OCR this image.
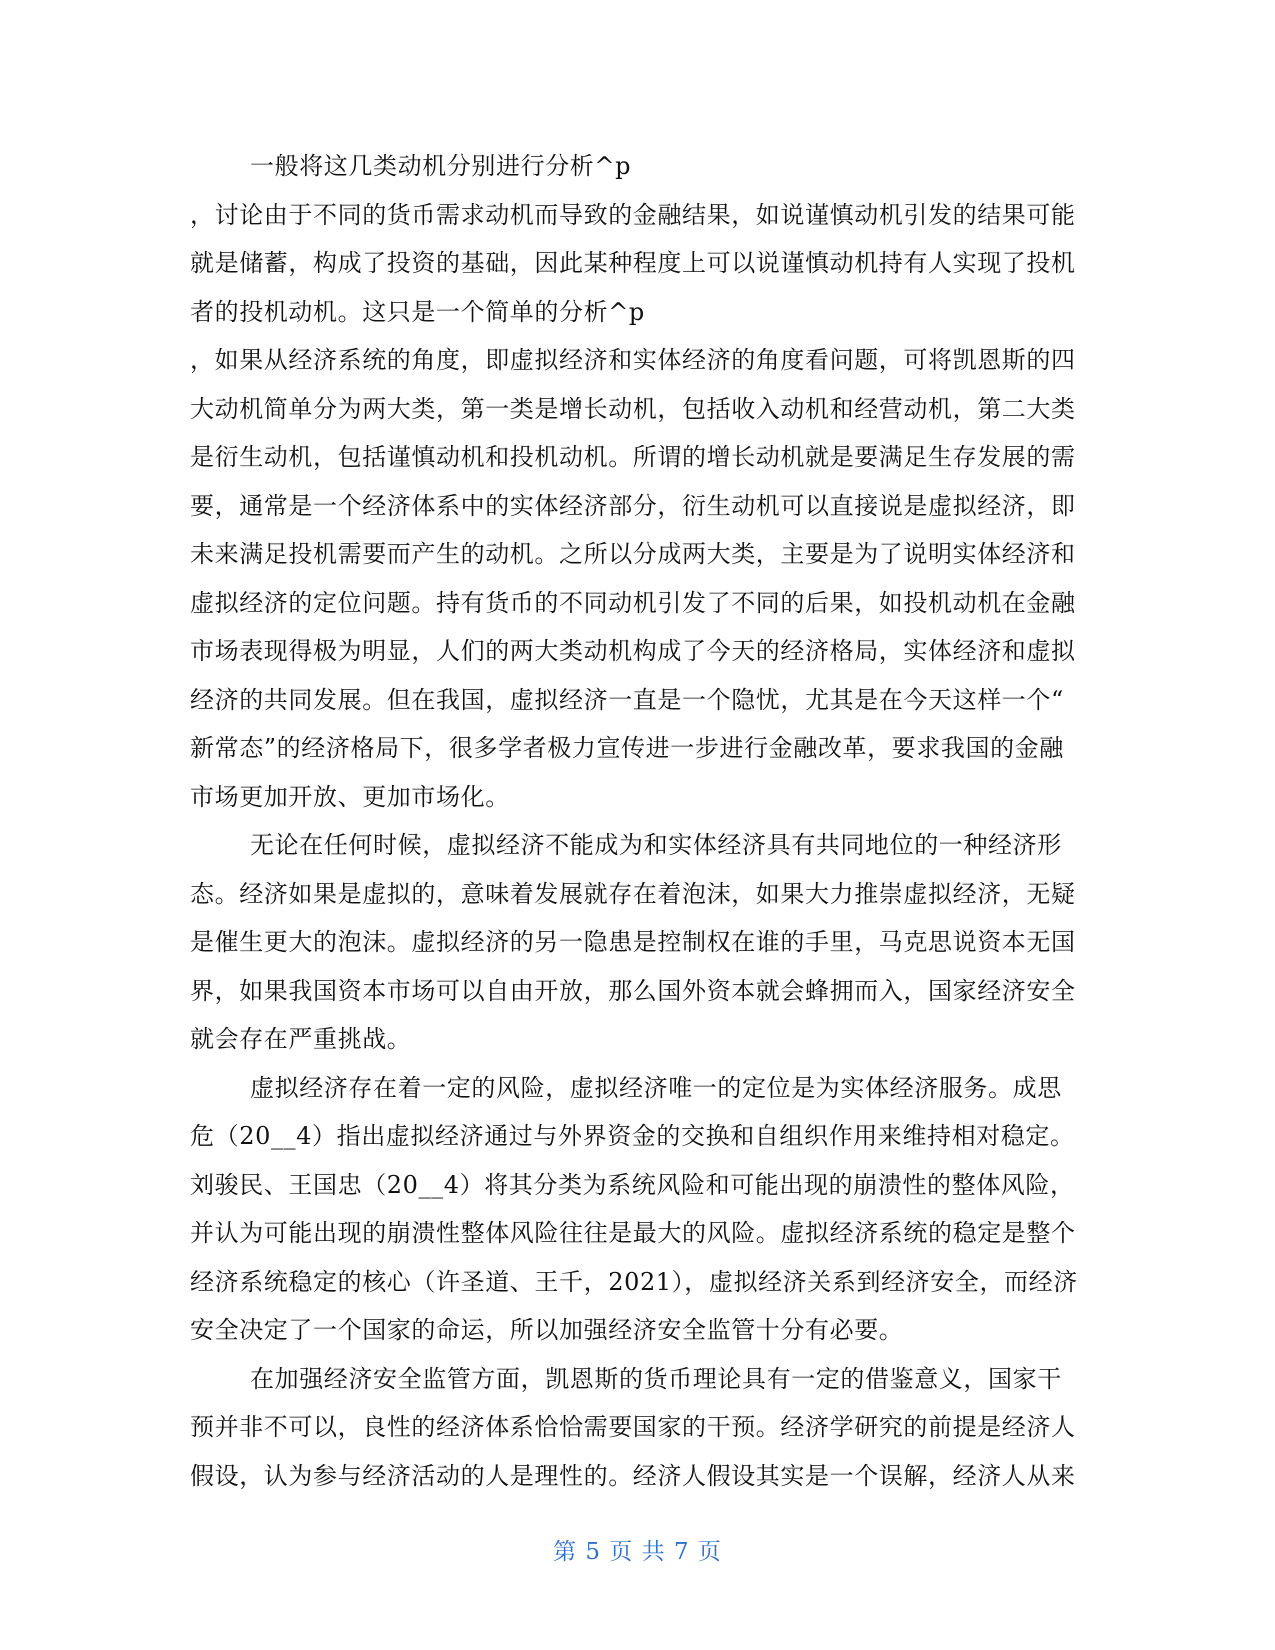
一般将这几类动机分别进行分析^p
，讨论由于不同的货币需求动机而导致的金融结果，如说谨慎动机引发的结果可能
就是储蓄，构成了投资的基础，因此某种程度上可以说谨慎动机持有人实现了投机
者的投机动机。这只是一个简单的分析^p
，如果从经济系统的角度，即虚拟经济和实体经济的角度看问题，可将凯恩斯的四
大动机简单分为两大类，第一类是增长动机，包括收入动机和经营动机，第二大类
是衍生动机，包括谨慎动机和投机动机。所谓的增长动机就是要满足生存发展的需
要，通常是一个经济体系中的实体经济部分，衍生动机可以直接说是虚拟经济，即
未来满足投机需要而产生的动机。之所以分成两大类，主要是为了说明实体经济和
虚拟经济的定位问题。持有货币的不同动机引发了不同的后果，如投机动机在金融
市场表现得极为明显，人们的两大类动机构成了今天的经济格局，实体经济和虚拟
经济的共同发展。但在我国，虚拟经济一直是一个隐忧，尤其是在今天这样一个“
新常态”的经济格局下，很多学者极力宣传进一步进行金融改革，要求我国的金融
市场更加开放、更加市场化。
无论在任何时候，虚拟经济不能成为和实体经济具有共同地位的一种经济形
态。经济如果是虚拟的，意味着发展就存在着泡沫，如果大力推崇虚拟经济，无疑
是催生更大的泡沫。虚拟经济的另一隐患是控制权在谁的手里，马克思说资本无国
界，如果我国资本市场可以自由开放，那么国外资本就会蜂拥而入，国家经济安全
就会存在严重挑战。
虚拟经济存在着一定的风险，虚拟经济唯一的定位是为实体经济服务。成思
危（20__4）指出虚拟经济通过与外界资金的交换和自组织作用来维持相对稳定。
刘骏民、王国忠（20__4）将其分类为系统风险和可能出现的崩溃性的整体风险，
并认为可能出现的崩溃性整体风险往往是最大的风险。虚拟经济系统的稳定是整个
经济系统稳定的核心（许圣道、王千，2021），虚拟经济关系到经济安全，而经济
安全决定了一个国家的命运，所以加强经济安全监管十分有必要。
在加强经济安全监管方面，凯恩斯的货币理论具有一定的借鉴意义，国家干
预并非不可以，良性的经济体系恰恰需要国家的干预。经济学研究的前提是经济人
假设，认为参与经济活动的人是理性的。经济人假设其实是一个误解，经济人从来
第 5 页 共 7 页
